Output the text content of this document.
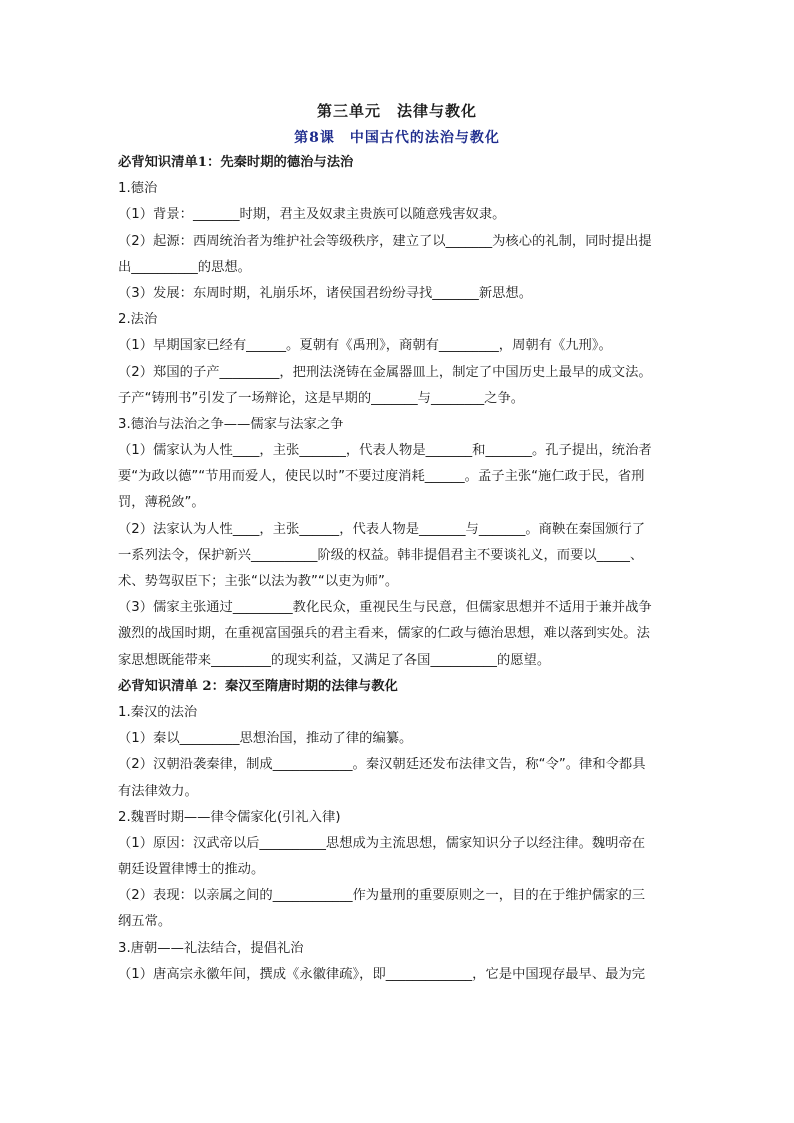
第三单元　法律与教化
第8课　中国古代的法治与教化
必背知识清单1：先秦时期的德治与法治
1.德治
（1）背景：_______时期，君主及奴隶主贵族可以随意残害奴隶。
（2）起源：西周统治者为维护社会等级秩序，建立了以_______为核心的礼制，同时提出提
出__________的思想。
（3）发展：东周时期，礼崩乐坏，诸侯国君纷纷寻找_______新思想。
2.法治
（1）早期国家已经有______。夏朝有《禹刑》，商朝有_________，周朝有《九刑》。
（2）郑国的子产_________，把刑法浇铸在金属器皿上，制定了中国历史上最早的成文法。
子产“铸刑书”引发了一场辩论，这是早期的_______与________之争。
3.德治与法治之争——儒家与法家之争
（1）儒家认为人性____，主张_______，代表人物是_______和_______。孔子提出，统治者
要“为政以德”“节用而爱人，使民以时”不要过度消耗______。孟子主张“施仁政于民，省刑
罚，薄税敛”。
（2）法家认为人性____，主张______，代表人物是_______与_______。商鞅在秦国颁行了
一系列法令，保护新兴__________阶级的权益。韩非提倡君主不要谈礼义，而要以_____、
术、势驾驭臣下；主张“以法为教”“以吏为师”。
（3）儒家主张通过_________教化民众，重视民生与民意，但儒家思想并不适用于兼并战争
激烈的战国时期，在重视富国强兵的君主看来，儒家的仁政与德治思想，难以落到实处。法
家思想既能带来_________的现实利益，又满足了各国__________的愿望。
必背知识清单 2：秦汉至隋唐时期的法律与教化
1.秦汉的法治
（1）秦以_________思想治国，推动了律的编纂。
（2）汉朝沿袭秦律，制成____________。秦汉朝廷还发布法律文告，称“令”。律和令都具
有法律效力。
2.魏晋时期——律令儒家化(引礼入律)
（1）原因：汉武帝以后__________思想成为主流思想，儒家知识分子以经注律。魏明帝在
朝廷设置律博士的推动。
（2）表现：以亲属之间的____________作为量刑的重要原则之一，目的在于维护儒家的三
纲五常。
3.唐朝——礼法结合，提倡礼治
（1）唐高宗永徽年间，撰成《永徽律疏》，即_____________，它是中国现存最早、最为完
